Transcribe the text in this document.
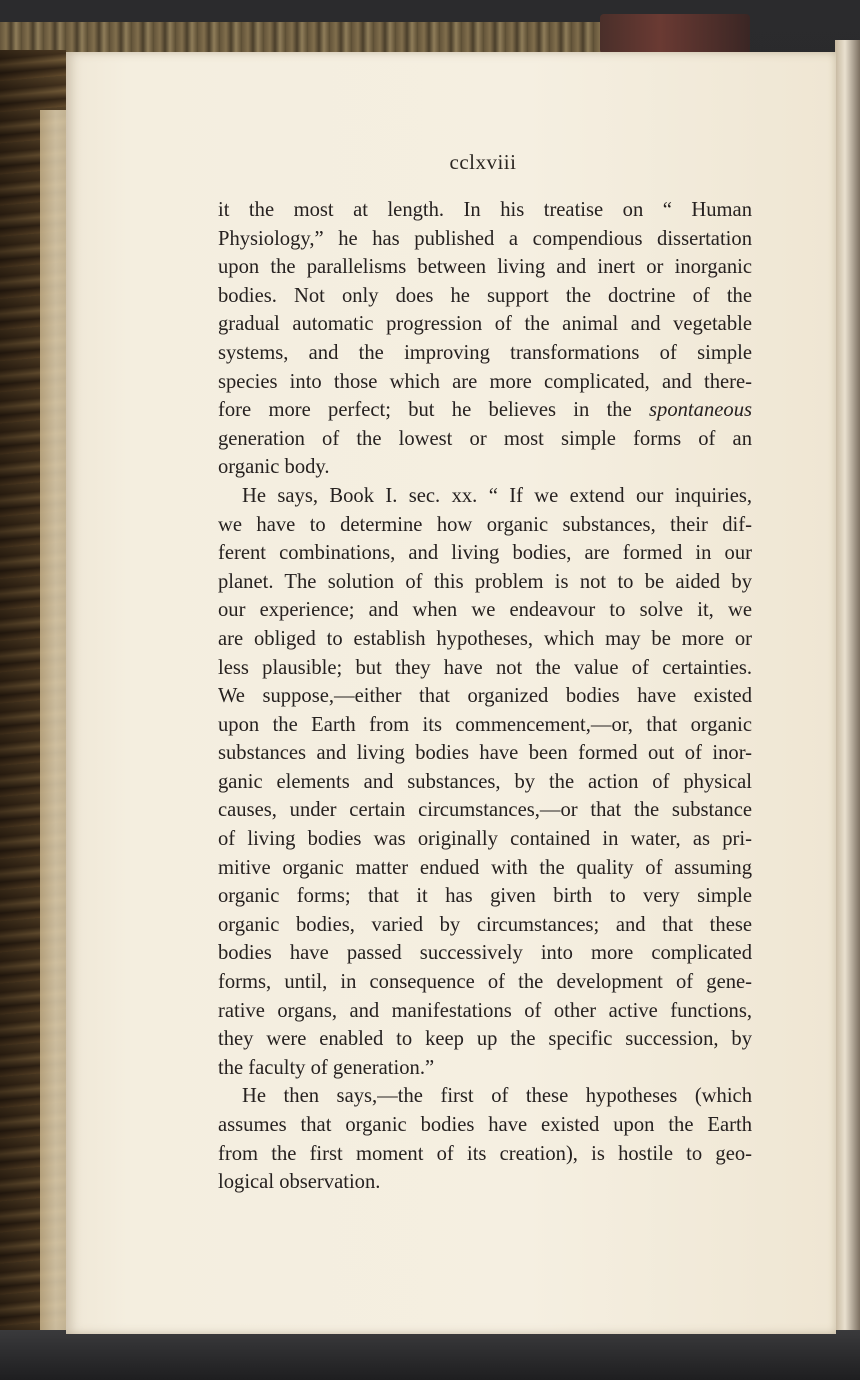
cclxviii
it the most at length. In his treatise on “ Human
Physiology,” he has published a compendious dissertation
upon the parallelisms between living and inert or inorganic
bodies. Not only does he support the doctrine of the
gradual automatic progression of the animal and vegetable
systems, and the improving transformations of simple
species into those which are more complicated, and there-
fore more perfect; but he believes in the spontaneous
generation of the lowest or most simple forms of an
organic body.
He says, Book I. sec. xx. “ If we extend our inquiries,
we have to determine how organic substances, their dif-
ferent combinations, and living bodies, are formed in our
planet. The solution of this problem is not to be aided by
our experience; and when we endeavour to solve it, we
are obliged to establish hypotheses, which may be more or
less plausible; but they have not the value of certainties.
We suppose,—either that organized bodies have existed
upon the Earth from its commencement,—or, that organic
substances and living bodies have been formed out of inor-
ganic elements and substances, by the action of physical
causes, under certain circumstances,—or that the substance
of living bodies was originally contained in water, as pri-
mitive organic matter endued with the quality of assuming
organic forms; that it has given birth to very simple
organic bodies, varied by circumstances; and that these
bodies have passed successively into more complicated
forms, until, in consequence of the development of gene-
rative organs, and manifestations of other active functions,
they were enabled to keep up the specific succession, by
the faculty of generation.”
He then says,—the first of these hypotheses (which
assumes that organic bodies have existed upon the Earth
from the first moment of its creation), is hostile to geo-
logical observation.
